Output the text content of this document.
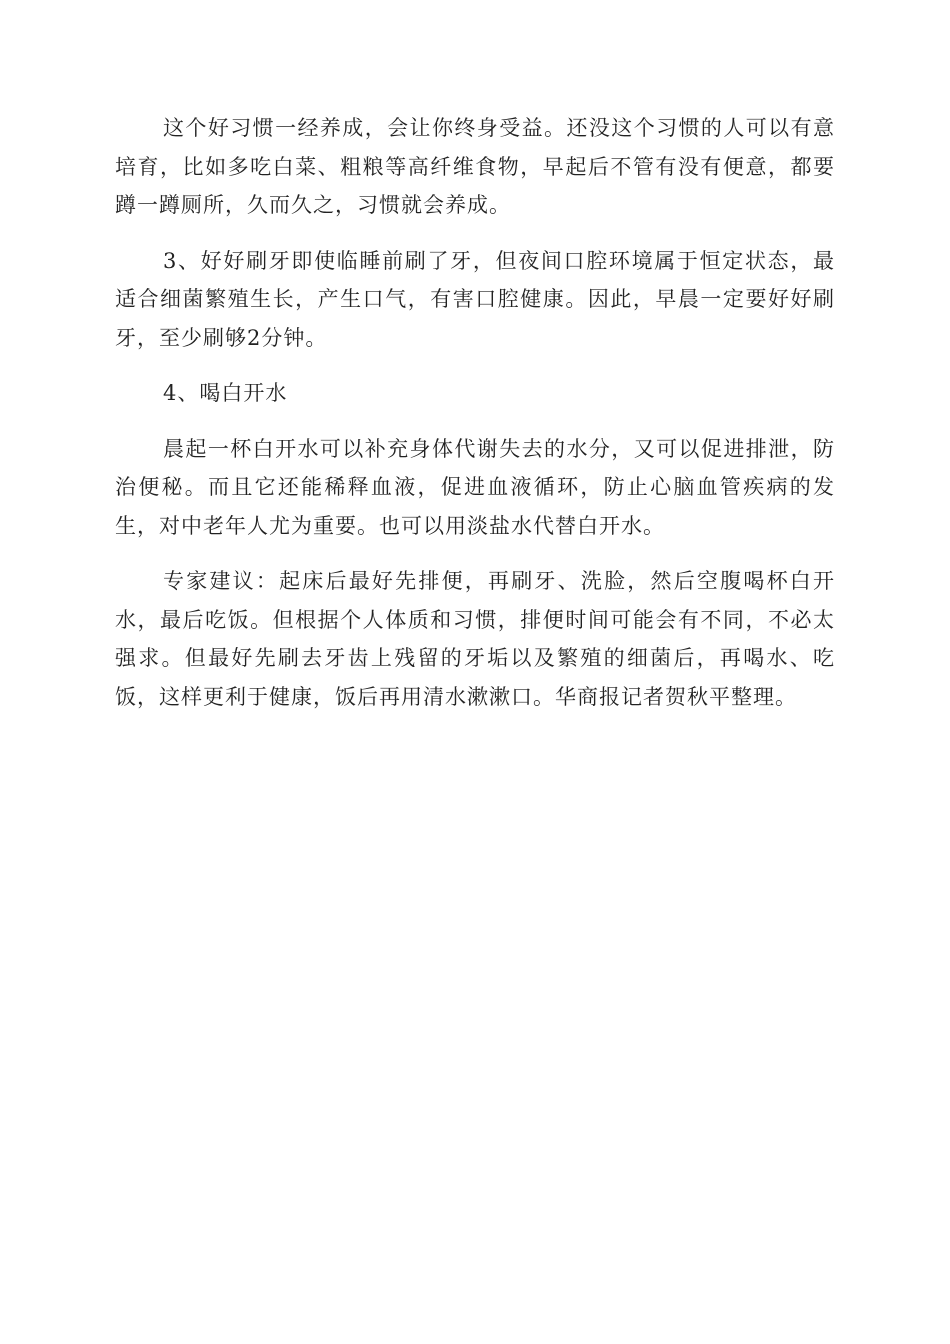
这个好习惯一经养成，会让你终身受益。还没这个习惯的人可以有意培育，比如多吃白菜、粗粮等高纤维食物，早起后不管有没有便意，都要蹲一蹲厕所，久而久之，习惯就会养成。

3、好好刷牙即使临睡前刷了牙，但夜间口腔环境属于恒定状态，最适合细菌繁殖生长，产生口气，有害口腔健康。因此，早晨一定要好好刷牙，至少刷够2分钟。

4、喝白开水

晨起一杯白开水可以补充身体代谢失去的水分，又可以促进排泄，防治便秘。而且它还能稀释血液，促进血液循环，防止心脑血管疾病的发生，对中老年人尤为重要。也可以用淡盐水代替白开水。

专家建议：起床后最好先排便，再刷牙、洗脸，然后空腹喝杯白开水，最后吃饭。但根据个人体质和习惯，排便时间可能会有不同，不必太强求。但最好先刷去牙齿上残留的牙垢以及繁殖的细菌后，再喝水、吃饭，这样更利于健康，饭后再用清水漱漱口。华商报记者贺秋平整理。
